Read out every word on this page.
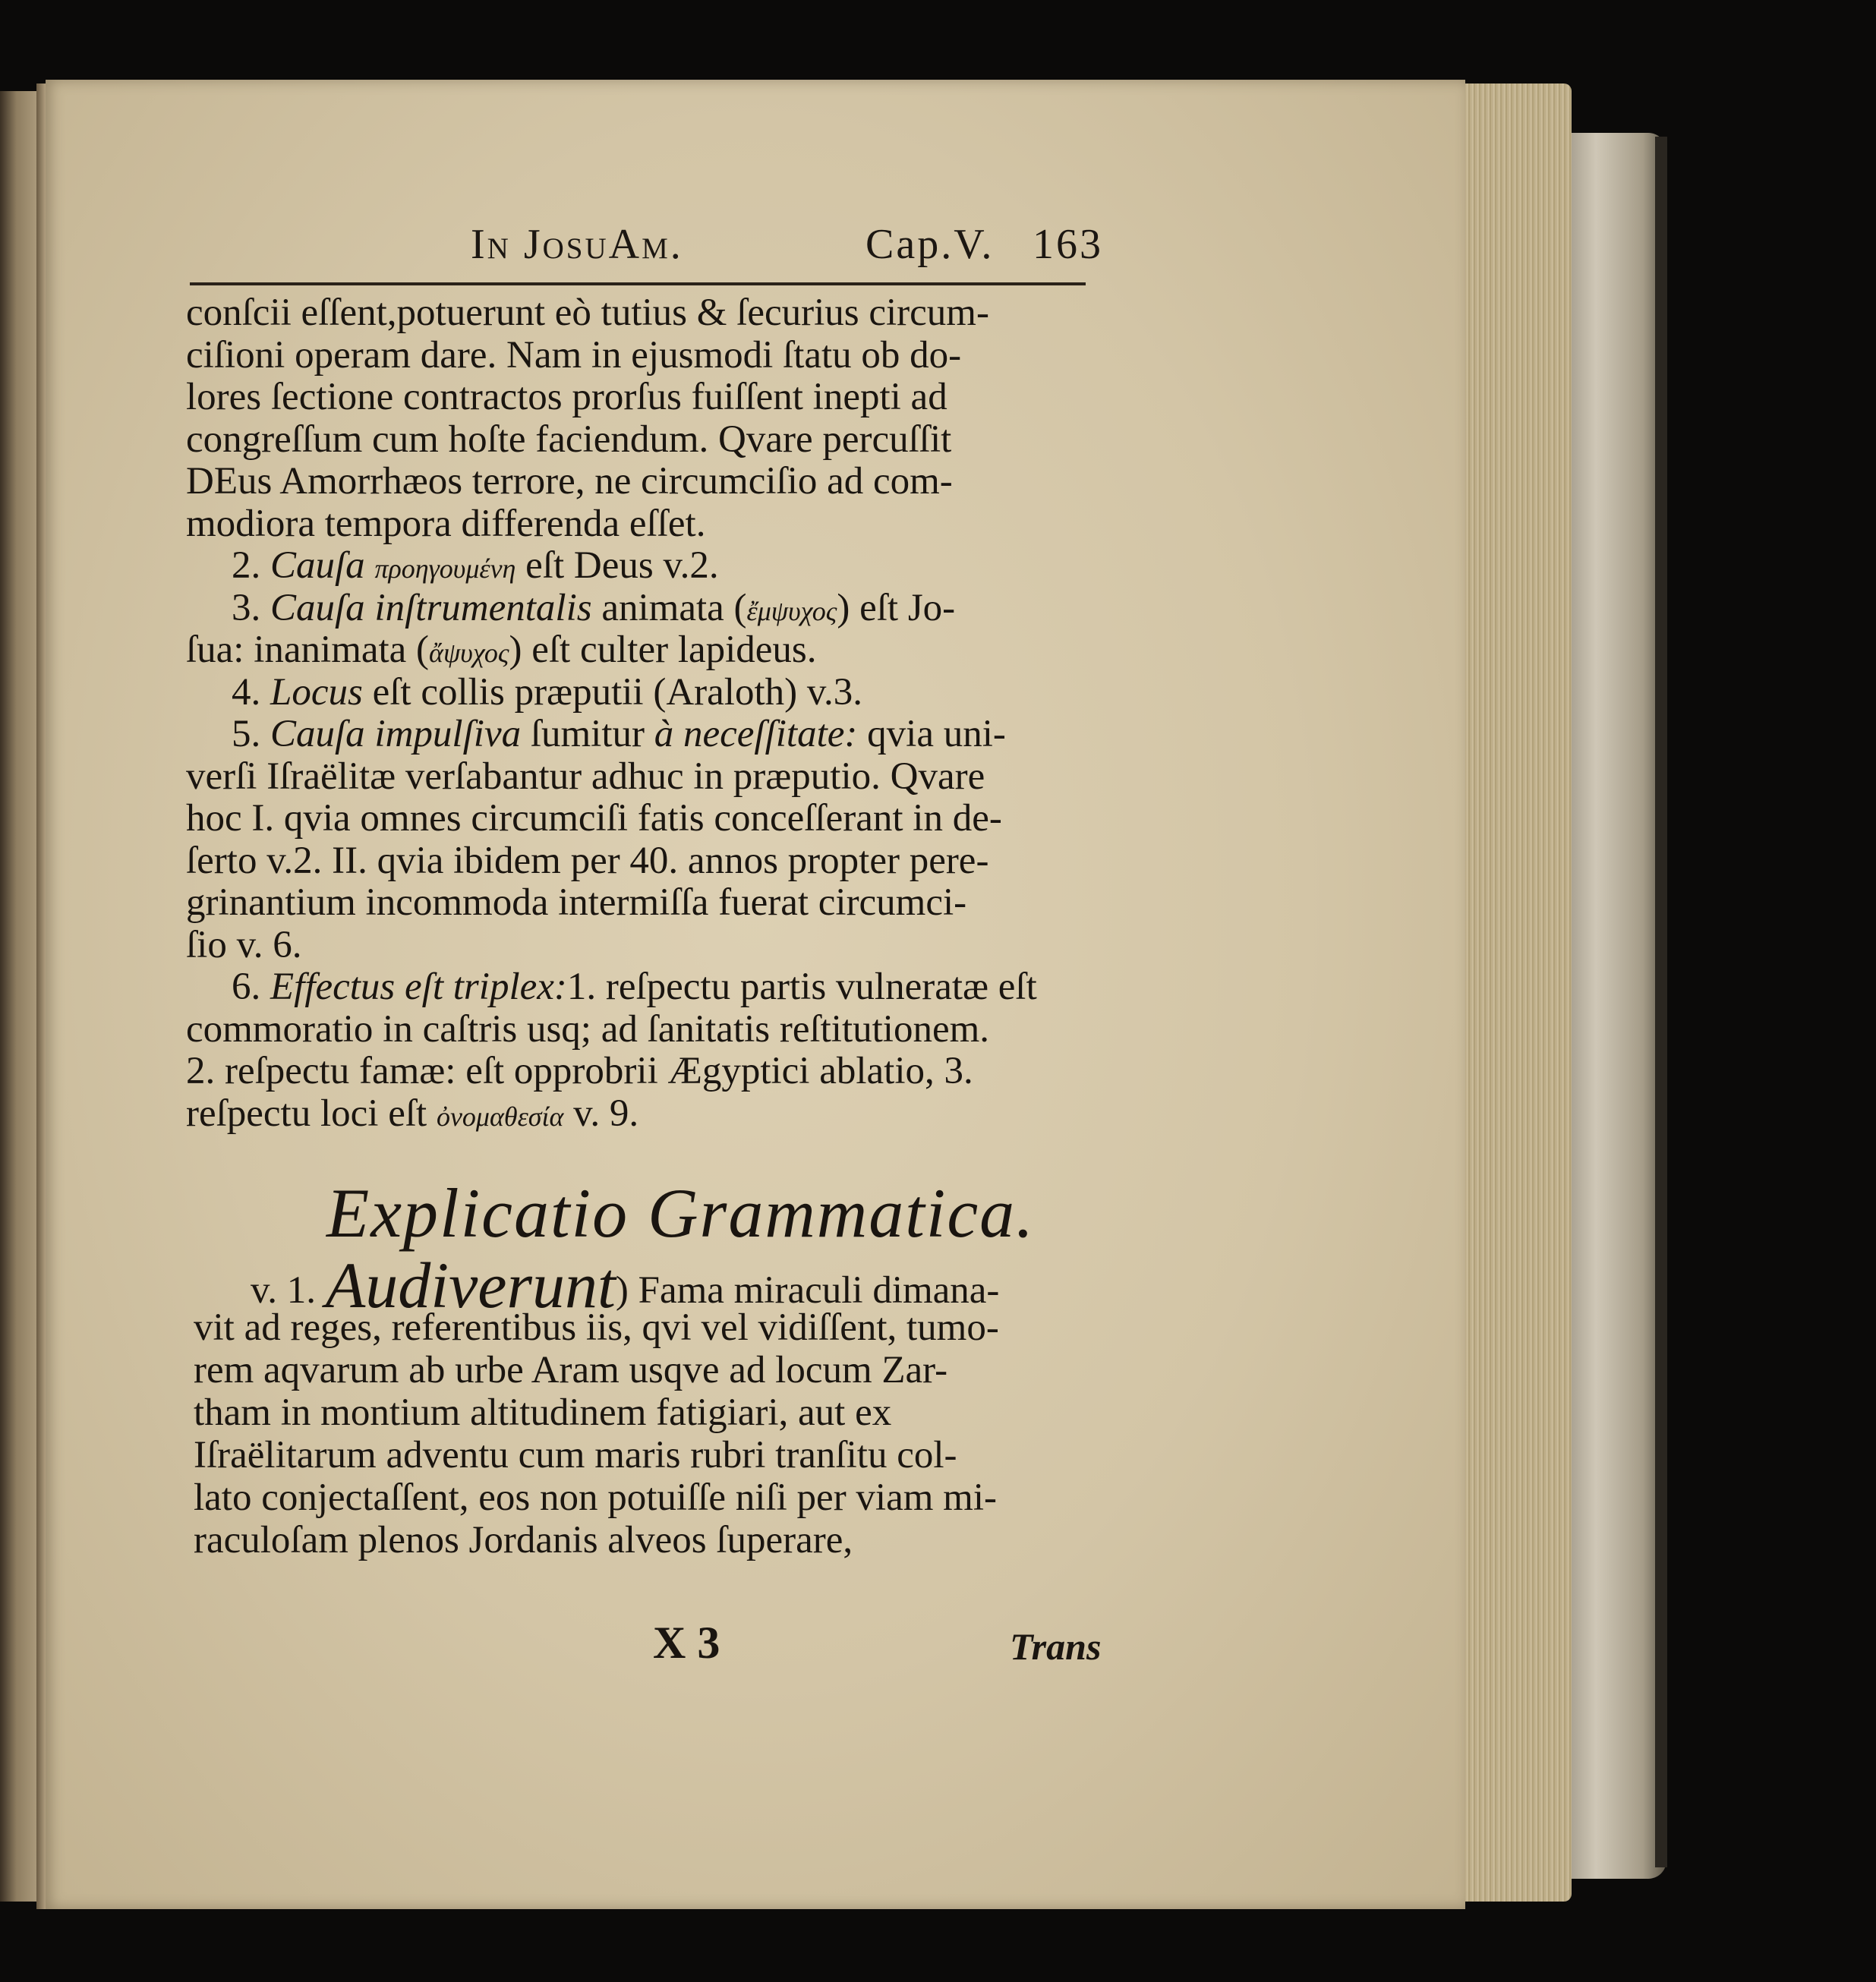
In JosuAm.	Cap.V. 163
conſcii eſſent,potuerunt eò tutius & ſecurius circum-
ciſioni operam dare. Nam in ejusmodi ſtatu ob do-
lores ſectione contractos prorſus fuiſſent inepti ad
congreſſum cum hoſte faciendum. Qvare percuſſit
DEus Amorrhæos terrore, ne circumciſio ad com-
modiora tempora differenda eſſet.
2. Cauſa προηγουμένη eſt Deus v.2.
3. Cauſa inſtrumentalis animata (ἔμψυχος) eſt Jo-
ſua: inanimata (ἄψυχος) eſt culter lapideus.
4. Locus eſt collis præputii (Araloth) v.3.
5. Cauſa impulſiva ſumitur à neceſſitate: qvia uni-
verſi Iſraëlitæ verſabantur adhuc in præputio. Qvare
hoc I. qvia omnes circumciſi fatis conceſſerant in de-
ſerto v.2. II. qvia ibidem per 40. annos propter pere-
grinantium incommoda intermiſſa fuerat circumci-
ſio v. 6.
6. Effectus eſt triplex:1. reſpectu partis vulneratæ eſt
commoratio in caſtris usq; ad ſanitatis reſtitutionem.
2. reſpectu famæ: eſt opprobrii Ægyptici ablatio, 3.
reſpectu loci eſt ὀνομαθεσία v. 9.
Explicatio Grammatica.
v. 1. Audiverunt) Fama miraculi dimana-
vit ad reges, referentibus iis, qvi vel vidiſſent, tumo-
rem aqvarum ab urbe Aram usqve ad locum Zar-
tham in montium altitudinem fatigiari, aut ex
Iſraëlitarum adventu cum maris rubri tranſitu col-
lato conjectaſſent, eos non potuiſſe niſi per viam mi-
raculoſam plenos Jordanis alveos ſuperare,
X 3	Trans
